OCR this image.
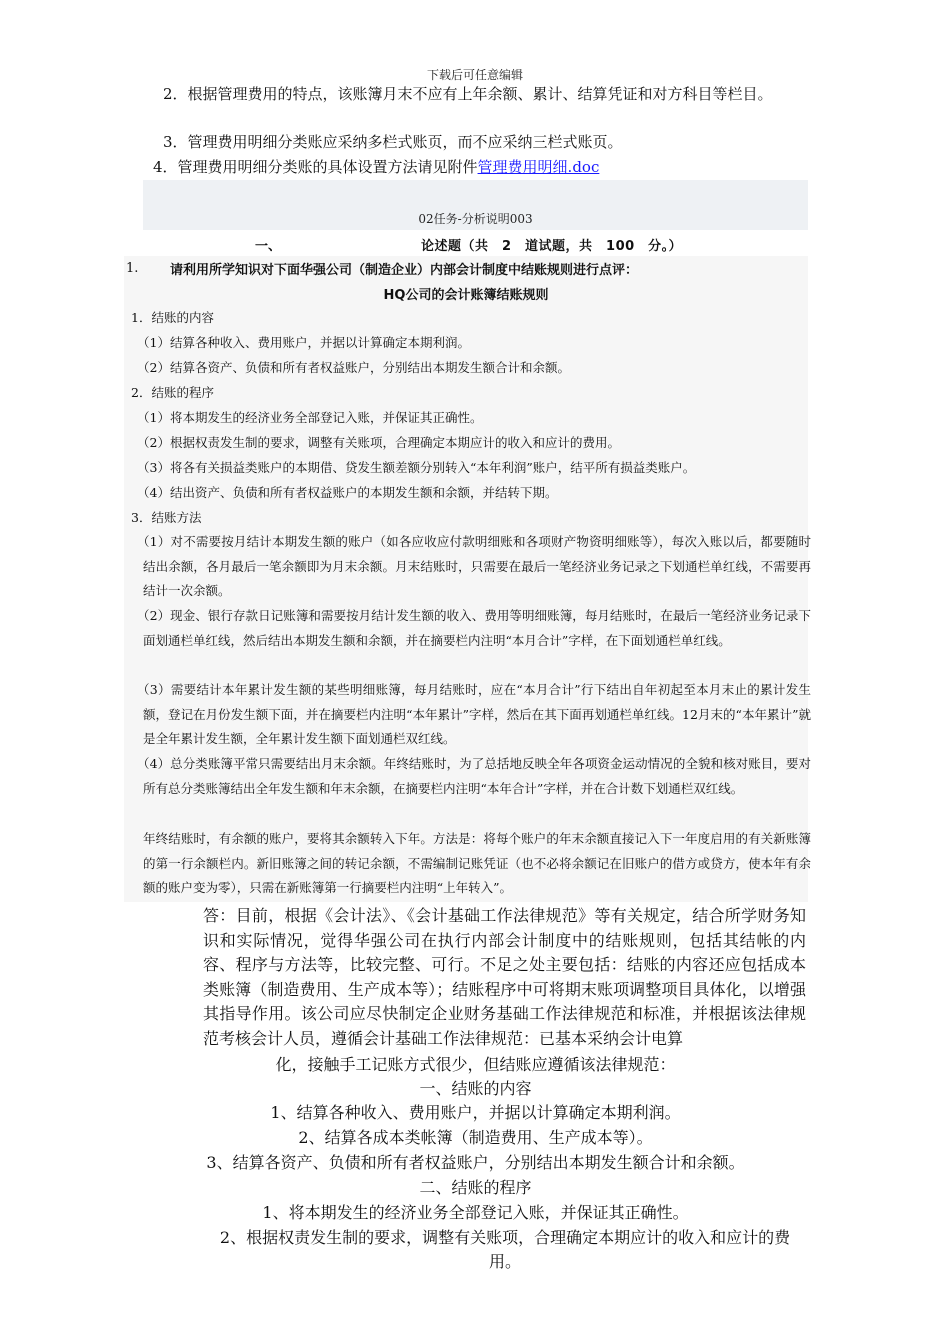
下载后可任意编辑
2．根据管理费用的特点，该账簿月末不应有上年余额、累计、结算凭证和对方科目等栏目。
3．管理费用明细分类账应采纳多栏式账页，而不应采纳三栏式账页。
4．管理费用明细分类账的具体设置方法请见附件管理费用明细.doc
02任务-分析说明003
一、	论述题（共　2　道试题，共　100　分。）
1. 请利用所学知识对下面华强公司（制造企业）内部会计制度中结账规则进行点评：
HQ公司的会计账簿结账规则
1．结账的内容
（1）结算各种收入、费用账户，并据以计算确定本期利润。
（2）结算各资产、负债和所有者权益账户，分别结出本期发生额合计和余额。
2．结账的程序
（1）将本期发生的经济业务全部登记入账，并保证其正确性。
（2）根据权责发生制的要求，调整有关账项，合理确定本期应计的收入和应计的费用。
（3）将各有关损益类账户的本期借、贷发生额差额分别转入“本年利润”账户，结平所有损益类账户。
（4）结出资产、负债和所有者权益账户的本期发生额和余额，并结转下期。
3．结账方法
（1）对不需要按月结计本期发生额的账户（如各应收应付款明细账和各项财产物资明细账等），每次入账以后，都要随时结出余额，各月最后一笔余额即为月末余额。月末结账时，只需要在最后一笔经济业务记录之下划通栏单红线，不需要再结计一次余额。
（2）现金、银行存款日记账簿和需要按月结计发生额的收入、费用等明细账簿，每月结账时，在最后一笔经济业务记录下面划通栏单红线，然后结出本期发生额和余额，并在摘要栏内注明“本月合计”字样，在下面划通栏单红线。
（3）需要结计本年累计发生额的某些明细账簿，每月结账时，应在“本月合计”行下结出自年初起至本月末止的累计发生额，登记在月份发生额下面，并在摘要栏内注明“本年累计”字样，然后在其下面再划通栏单红线。12月末的“本年累计”就是全年累计发生额，全年累计发生额下面划通栏双红线。
（4）总分类账簿平常只需要结出月末余额。年终结账时，为了总括地反映全年各项资金运动情况的全貌和核对账目，要对所有总分类账簿结出全年发生额和年末余额，在摘要栏内注明“本年合计”字样，并在合计数下划通栏双红线。
年终结账时，有余额的账户，要将其余额转入下年。方法是：将每个账户的年末余额直接记入下一年度启用的有关新账簿的第一行余额栏内。新旧账簿之间的转记余额，不需编制记账凭证（也不必将余额记在旧账户的借方或贷方，使本年有余额的账户变为零），只需在新账簿第一行摘要栏内注明“上年转入”。
答：目前，根据《会计法》、《会计基础工作法律规范》等有关规定，结合所学财务知识和实际情况，觉得华强公司在执行内部会计制度中的结账规则，包括其结帐的内容、程序与方法等，比较完整、可行。不足之处主要包括：结账的内容还应包括成本类账簿（制造费用、生产成本等）；结账程序中可将期末账项调整项目具体化，以增强其指导作用。该公司应尽快制定企业财务基础工作法律规范和标准，并根据该法律规范考核会计人员，遵循会计基础工作法律规范：已基本采纳会计电算
化，接触手工记账方式很少，但结账应遵循该法律规范：
一、结账的内容
1、结算各种收入、费用账户，并据以计算确定本期利润。
2、结算各成本类帐簿（制造费用、生产成本等）。
3、结算各资产、负债和所有者权益账户，分别结出本期发生额合计和余额。
二、结账的程序
1、将本期发生的经济业务全部登记入账，并保证其正确性。
2、根据权责发生制的要求，调整有关账项，合理确定本期应计的收入和应计的费用。
